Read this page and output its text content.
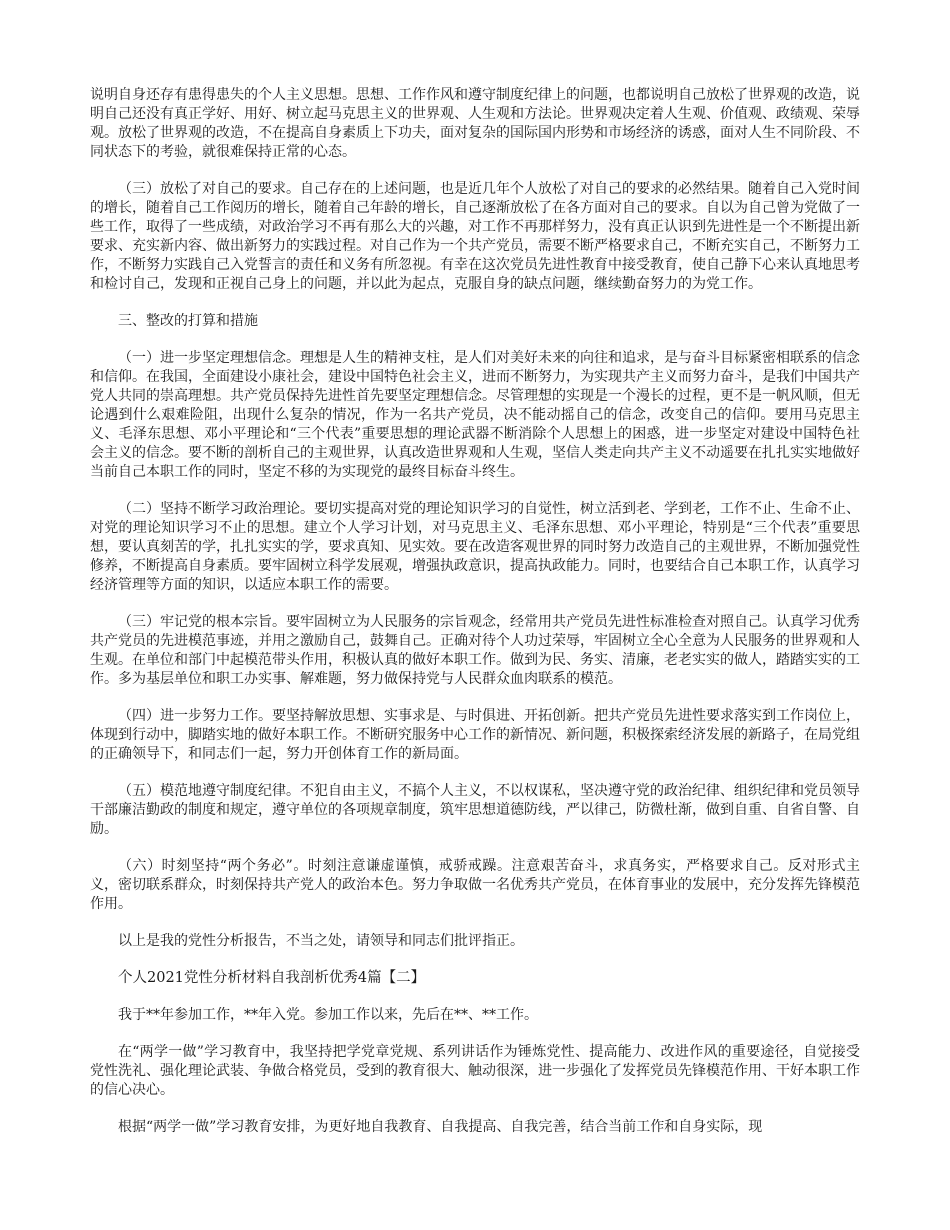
说明自身还存有患得患失的个人主义思想。思想、工作作风和遵守制度纪律上的问题，也都说明自己放松了世界观的改造，说明自己还没有真正学好、用好、树立起马克思主义的世界观、人生观和方法论。世界观决定着人生观、价值观、政绩观、荣辱观。放松了世界观的改造，不在提高自身素质上下功夫，面对复杂的国际国内形势和市场经济的诱惑，面对人生不同阶段、不同状态下的考验，就很难保持正常的心态。

（三）放松了对自己的要求。自己存在的上述问题，也是近几年个人放松了对自己的要求的必然结果。随着自己入党时间的增长，随着自己工作阅历的增长，随着自己年龄的增长，自己逐渐放松了在各方面对自己的要求。自以为自己曾为党做了一些工作，取得了一些成绩，对政治学习不再有那么大的兴趣，对工作不再那样努力，没有真正认识到先进性是一个不断提出新要求、充实新内容、做出新努力的实践过程。对自己作为一个共产党员，需要不断严格要求自己，不断充实自己，不断努力工作，不断努力实践自己入党誓言的责任和义务有所忽视。有幸在这次党员先进性教育中接受教育，使自己静下心来认真地思考和检讨自己，发现和正视自己身上的问题，并以此为起点，克服自身的缺点问题，继续勤奋努力的为党工作。

三、整改的打算和措施

（一）进一步坚定理想信念。理想是人生的精神支柱，是人们对美好未来的向往和追求，是与奋斗目标紧密相联系的信念和信仰。在我国，全面建设小康社会，建设中国特色社会主义，进而不断努力，为实现共产主义而努力奋斗，是我们中国共产党人共同的崇高理想。共产党员保持先进性首先要坚定理想信念。尽管理想的实现是一个漫长的过程，更不是一帆风顺，但无论遇到什么艰难险阻，出现什么复杂的情况，作为一名共产党员，决不能动摇自己的信念，改变自己的信仰。要用马克思主义、毛泽东思想、邓小平理论和“三个代表”重要思想的理论武器不断消除个人思想上的困惑，进一步坚定对建设中国特色社会主义的信念。要不断的剖析自己的主观世界，认真改造世界观和人生观，坚信人类走向共产主义不动遥要在扎扎实实地做好当前自己本职工作的同时，坚定不移的为实现党的最终目标奋斗终生。

（二）坚持不断学习政治理论。要切实提高对党的理论知识学习的自觉性，树立活到老、学到老，工作不止、生命不止、对党的理论知识学习不止的思想。建立个人学习计划，对马克思主义、毛泽东思想、邓小平理论，特别是“三个代表”重要思想，要认真刻苦的学，扎扎实实的学，要求真知、见实效。要在改造客观世界的同时努力改造自己的主观世界，不断加强党性修养，不断提高自身素质。要牢固树立科学发展观，增强执政意识，提高执政能力。同时，也要结合自己本职工作，认真学习经济管理等方面的知识，以适应本职工作的需要。

（三）牢记党的根本宗旨。要牢固树立为人民服务的宗旨观念，经常用共产党员先进性标准检查对照自己。认真学习优秀共产党员的先进模范事迹，并用之激励自己，鼓舞自己。正确对待个人功过荣辱，牢固树立全心全意为人民服务的世界观和人生观。在单位和部门中起模范带头作用，积极认真的做好本职工作。做到为民、务实、清廉，老老实实的做人，踏踏实实的工作。多为基层单位和职工办实事、解难题，努力做保持党与人民群众血肉联系的模范。

（四）进一步努力工作。要坚持解放思想、实事求是、与时俱进、开拓创新。把共产党员先进性要求落实到工作岗位上，体现到行动中，脚踏实地的做好本职工作。不断研究服务中心工作的新情况、新问题，积极探索经济发展的新路子，在局党组的正确领导下，和同志们一起，努力开创体育工作的新局面。

（五）模范地遵守制度纪律。不犯自由主义，不搞个人主义，不以权谋私，坚决遵守党的政治纪律、组织纪律和党员领导干部廉洁勤政的制度和规定，遵守单位的各项规章制度，筑牢思想道德防线，严以律己，防微杜渐，做到自重、自省自警、自励。

（六）时刻坚持“两个务必”。时刻注意谦虚谨慎，戒骄戒躁。注意艰苦奋斗，求真务实，严格要求自己。反对形式主义，密切联系群众，时刻保持共产党人的政治本色。努力争取做一名优秀共产党员，在体育事业的发展中，充分发挥先锋模范作用。

以上是我的党性分析报告，不当之处，请领导和同志们批评指正。

个人2021党性分析材料自我剖析优秀4篇【二】

我于**年参加工作，**年入党。参加工作以来，先后在**、**工作。

在“两学一做”学习教育中，我坚持把学党章党规、系列讲话作为锤炼党性、提高能力、改进作风的重要途径，自觉接受党性洗礼、强化理论武装、争做合格党员，受到的教育很大、触动很深，进一步强化了发挥党员先锋模范作用、干好本职工作的信心决心。

根据“两学一做”学习教育安排，为更好地自我教育、自我提高、自我完善，结合当前工作和自身实际，现
